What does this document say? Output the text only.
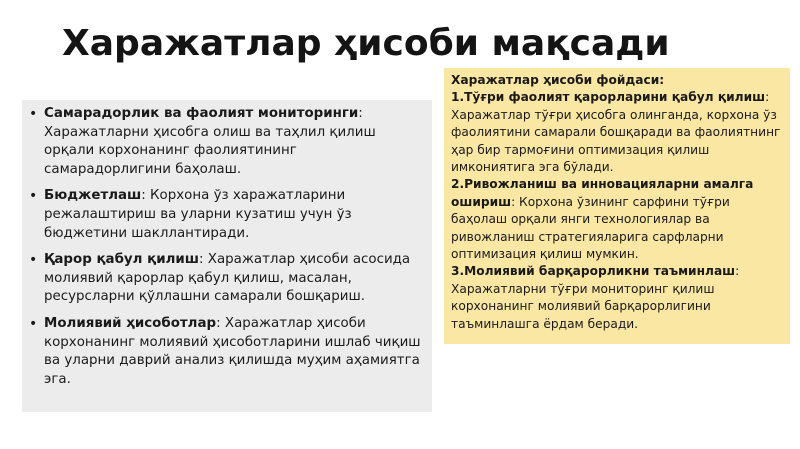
Харажатлар ҳисоби мақсади
• Самарадорлик ва фаолият мониторинги: Харажатларни ҳисобга олиш ва таҳлил қилиш орқали корхонанинг фаолиятининг самарадорлигини баҳолаш.
• Бюджетлаш: Корхона ўз харажатларини режалаштириш ва уларни кузатиш учун ўз бюджетини шакллантиради.
• Қарор қабул қилиш: Харажатлар ҳисоби асосида молиявий қарорлар қабул қилиш, масалан, ресурсларни қўллашни самарали бошқариш.
• Молиявий ҳисоботлар: Харажатлар ҳисоби корхонанинг молиявий ҳисоботларини ишлаб чиқиш ва уларни даврий анализ қилишда муҳим аҳамиятга эга.
Харажатлар ҳисоби фойдаси:
1.Тўғри фаолият қарорларини қабул қилиш: Харажатлар тўғри ҳисобга олинганда, корхона ўз фаолиятини самарали бошқаради ва фаолиятнинг ҳар бир тармоғини оптимизация қилиш имкониятига эга бўлади.
2.Ривожланиш ва инновацияларни амалга ошириш: Корхона ўзининг сарфини тўғри баҳолаш орқали янги технологиялар ва ривожланиш стратегияларига сарфларни оптимизация қилиш мумкин.
3.Молиявий барқарорликни таъминлаш: Харажатларни тўғри мониторинг қилиш корхонанинг молиявий барқарорлигини таъминлашга ёрдам беради.
